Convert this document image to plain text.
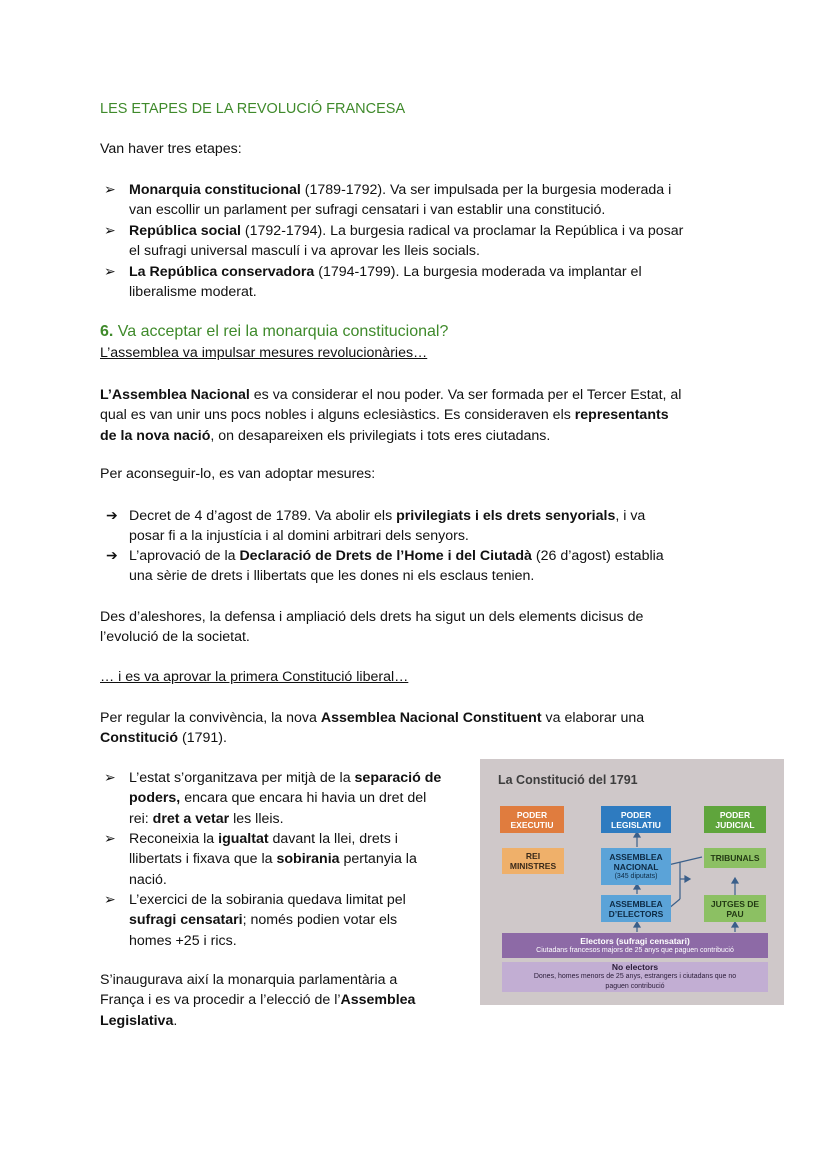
LES ETAPES DE LA REVOLUCIÓ FRANCESA
Van haver tres etapes:
➢ Monarquia constitucional (1789-1792). Va ser impulsada per la burgesia moderada i
van escollir un parlament per sufragi censatari i van establir una constitució.
➢ República social (1792-1794). La burgesia radical va proclamar la República i va posar
el sufragi universal masculí i va aprovar les lleis socials.
➢ La República conservadora (1794-1799). La burgesia moderada va implantar el
liberalisme moderat.
6. Va acceptar el rei la monarquia constitucional?
L’assemblea va impulsar mesures revolucionàries…
L’Assemblea Nacional es va considerar el nou poder. Va ser formada per el Tercer Estat, al
qual es van unir uns pocs nobles i alguns eclesiàstics. Es consideraven els representants
de la nova nació, on desapareixen els privilegiats i tots eres ciutadans.
Per aconseguir-lo, es van adoptar mesures:
➔ Decret de 4 d’agost de 1789. Va abolir els privilegiats i els drets senyorials, i va
posar fi a la injustícia i al domini arbitrari dels senyors.
➔ L’aprovació de la Declaració de Drets de l’Home i del Ciutadà (26 d’agost) establia
una sèrie de drets i llibertats que les dones ni els esclaus tenien.
Des d’aleshores, la defensa i ampliació dels drets ha sigut un dels elements dicisus de
l’evolució de la societat.
… i es va aprovar la primera Constitució liberal…
Per regular la convivència, la nova Assemblea Nacional Constituent va elaborar una
Constitució (1791).
➢ L’estat s’organitzava per mitjà de la separació de
poders, encara que encara hi havia un dret del
rei: dret a vetar les lleis.
➢ Reconeixia la igualtat davant la llei, drets i
llibertats i fixava que la sobirania pertanyia la
nació.
➢ L’exercici de la sobirania quedava limitat pel
sufragi censatari; només podien votar els
homes +25 i rics.
S’inaugurava així la monarquia parlamentària a
França i es va procedir a l’elecció de l’Assemblea
Legislativa.
La Constitució del 1791
PODER EXECUTIU
PODER LEGISLATIU
PODER JUDICIAL
REI MINISTRES
ASSEMBLEA NACIONAL
(345 diputats)
TRIBUNALS
ASSEMBLEA D’ELECTORS
JUTGES DE PAU
Electors (sufragi censatari)
Ciutadans francesos majors de 25 anys que paguen contribució
No electors
Dones, homes menors de 25 anys, estrangers i ciutadans que no paguen contribució
